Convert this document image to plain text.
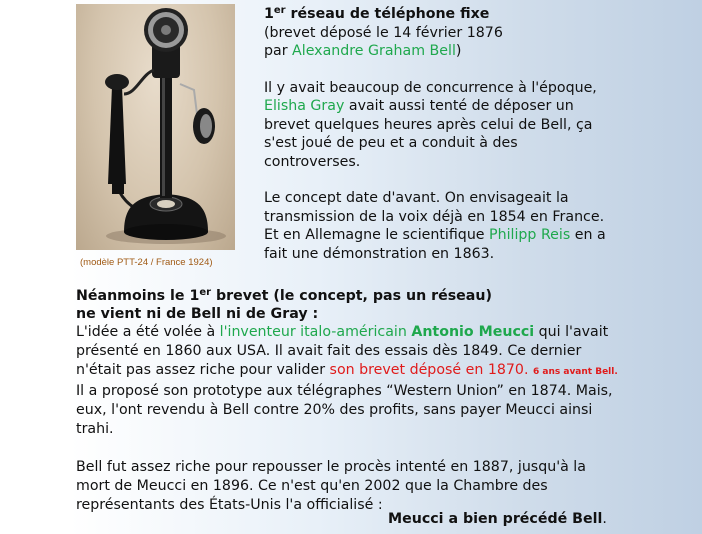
(modèle PTT-24 / France 1924)
1er réseau de téléphone fixe
(brevet déposé le 14 février 1876
par Alexandre Graham Bell)
Il y avait beaucoup de concurrence à l'époque,
Elisha Gray avait aussi tenté de déposer un
brevet quelques heures après celui de Bell, ça
s'est joué de peu et a conduit à des
controverses.
Le concept date d'avant. On envisageait la
transmission de la voix déjà en 1854 en France.
Et en Allemagne le scientifique Philipp Reis en a
fait une démonstration en 1863.
Néanmoins le 1er brevet (le concept, pas un réseau)
ne vient ni de Bell ni de Gray :
L'idée a été volée à l'inventeur italo-américain Antonio Meucci qui l'avait
présenté en 1860 aux USA. Il avait fait des essais dès 1849. Ce dernier
n'était pas assez riche pour valider son brevet déposé en 1870. 6 ans avant Bell.
Il a proposé son prototype aux télégraphes “Western Union” en 1874. Mais,
eux, l'ont revendu à Bell contre 20% des profits, sans payer Meucci ainsi
trahi.
Bell fut assez riche pour repousser le procès intenté en 1887, jusqu'à la
mort de Meucci en 1896. Ce n'est qu'en 2002 que la Chambre des
représentants des États-Unis l'a officialisé :
Meucci a bien précédé Bell.
